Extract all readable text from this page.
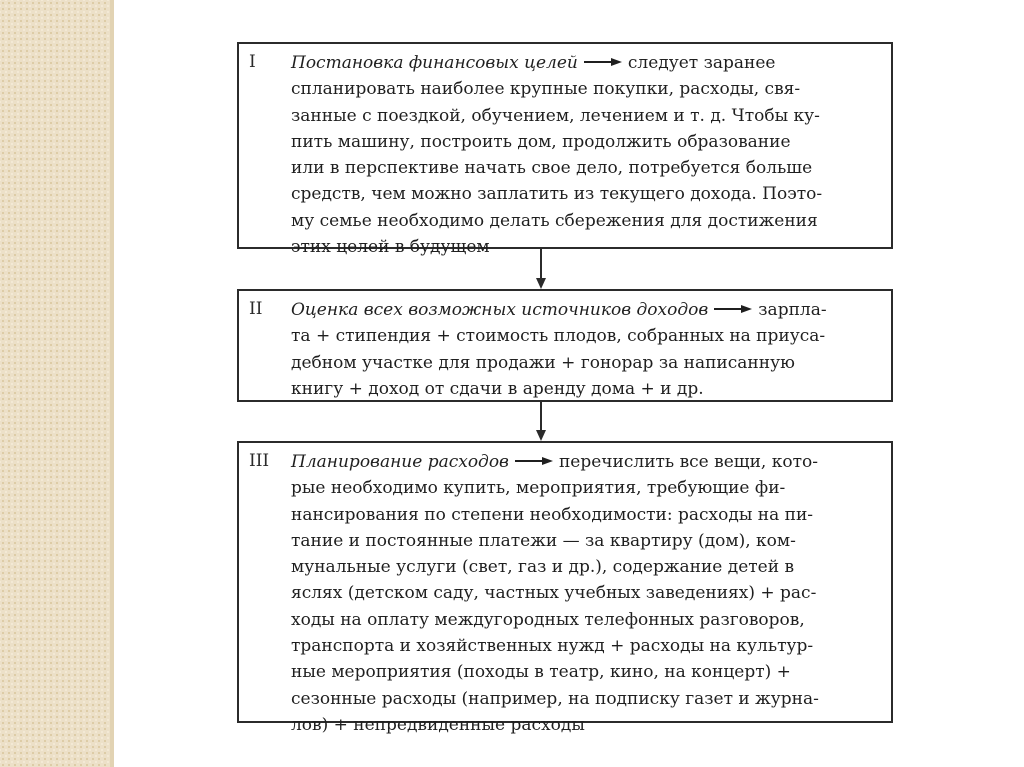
I Постановка финансовых целей	следует заранее
спланировать наиболее крупные покупки, расходы, свя-
занные с поездкой, обучением, лечением и т. д. Чтобы ку-
пить машину, построить дом, продолжить образование
или в перспективе начать свое дело, потребуется больше
средств, чем можно заплатить из текущего дохода. Поэто-
му семье необходимо делать сбережения для достижения
этих целей в будущем
II Оценка всех возможных источников доходов	зарпла-
та + стипендия + стоимость плодов, собранных на приуса-
дебном участке для продажи + гонорар за написанную
книгу + доход от сдачи в аренду дома + и др.
III Планирование расходов	перечислить все вещи, кото-
рые необходимо купить, мероприятия, требующие фи-
нансирования по степени необходимости: расходы на пи-
тание и постоянные платежи — за квартиру (дом), ком-
мунальные услуги (свет, газ и др.), содержание детей в
яслях (детском саду, частных учебных заведениях) + рас-
ходы на оплату междугородных телефонных разговоров,
транспорта и хозяйственных нужд + расходы на культур-
ные мероприятия (походы в театр, кино, на концерт) +
сезонные расходы (например, на подписку газет и журна-
лов) + непредвиденные расходы
